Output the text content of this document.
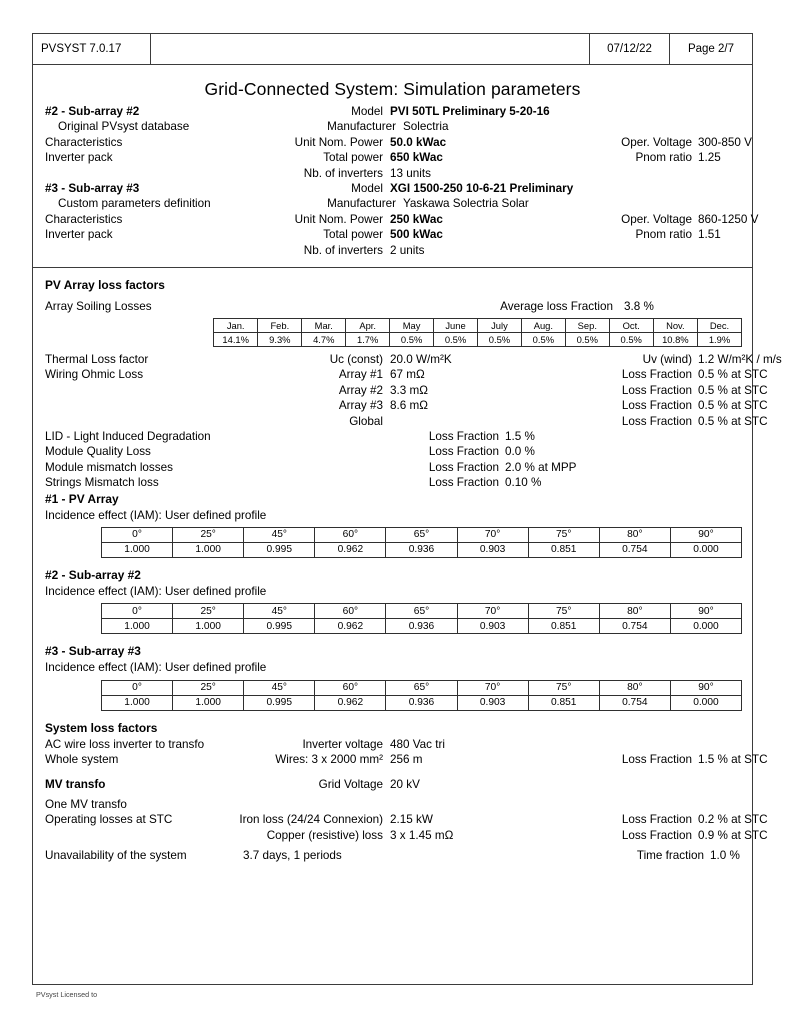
PVSYST 7.0.17	07/12/22	Page 2/7
Grid-Connected System: Simulation parameters
#2 - Sub-array #2	Model PVI 50TL Preliminary 5-20-16
Original PVsyst database	Manufacturer Solectria
Characteristics	Unit Nom. Power 50.0 kWac	Oper. Voltage 300-850 V
Inverter pack	Total power 650 kWac	Pnom ratio 1.25
Nb. of inverters 13 units
#3 - Sub-array #3	Model XGI 1500-250 10-6-21 Preliminary
Custom parameters definition	Manufacturer Yaskawa Solectria Solar
Characteristics	Unit Nom. Power 250 kWac	Oper. Voltage 860-1250 V
Inverter pack	Total power 500 kWac	Pnom ratio 1.51
Nb. of inverters 2 units
PV Array loss factors
Array Soiling Losses	Average loss Fraction 3.8 %
Jan.	Feb.	Mar.	Apr.	May	June	July	Aug.	Sep.	Oct.	Nov.	Dec.
14.1%	9.3%	4.7%	1.7%	0.5%	0.5%	0.5%	0.5%	0.5%	0.5%	10.8%	1.9%
Thermal Loss factor	Uc (const) 20.0 W/m²K	Uv (wind) 1.2 W/m²K / m/s
Wiring Ohmic Loss	Array #1 67 mΩ	Loss Fraction 0.5 % at STC
Array #2 3.3 mΩ	Loss Fraction 0.5 % at STC
Array #3 8.6 mΩ	Loss Fraction 0.5 % at STC
Global	Loss Fraction 0.5 % at STC
LID - Light Induced Degradation	Loss Fraction 1.5 %
Module Quality Loss	Loss Fraction 0.0 %
Module mismatch losses	Loss Fraction 2.0 % at MPP
Strings Mismatch loss	Loss Fraction 0.10 %
#1 - PV Array
Incidence effect (IAM): User defined profile
0°	25°	45°	60°	65°	70°	75°	80°	90°
1.000	1.000	0.995	0.962	0.936	0.903	0.851	0.754	0.000
#2 - Sub-array #2
Incidence effect (IAM): User defined profile
0°	25°	45°	60°	65°	70°	75°	80°	90°
1.000	1.000	0.995	0.962	0.936	0.903	0.851	0.754	0.000
#3 - Sub-array #3
Incidence effect (IAM): User defined profile
0°	25°	45°	60°	65°	70°	75°	80°	90°
1.000	1.000	0.995	0.962	0.936	0.903	0.851	0.754	0.000
System loss factors
AC wire loss inverter to transfo	Inverter voltage 480 Vac tri
Whole system	Wires: 3 x 2000 mm² 256 m	Loss Fraction 1.5 % at STC
MV transfo	Grid Voltage 20 kV
One MV transfo
Operating losses at STC	Iron loss (24/24 Connexion) 2.15 kW	Loss Fraction 0.2 % at STC
Copper (resistive) loss 3 x 1.45 mΩ	Loss Fraction 0.9 % at STC
Unavailability of the system	3.7 days, 1 periods	Time fraction 1.0 %
PVsyst Licensed to
